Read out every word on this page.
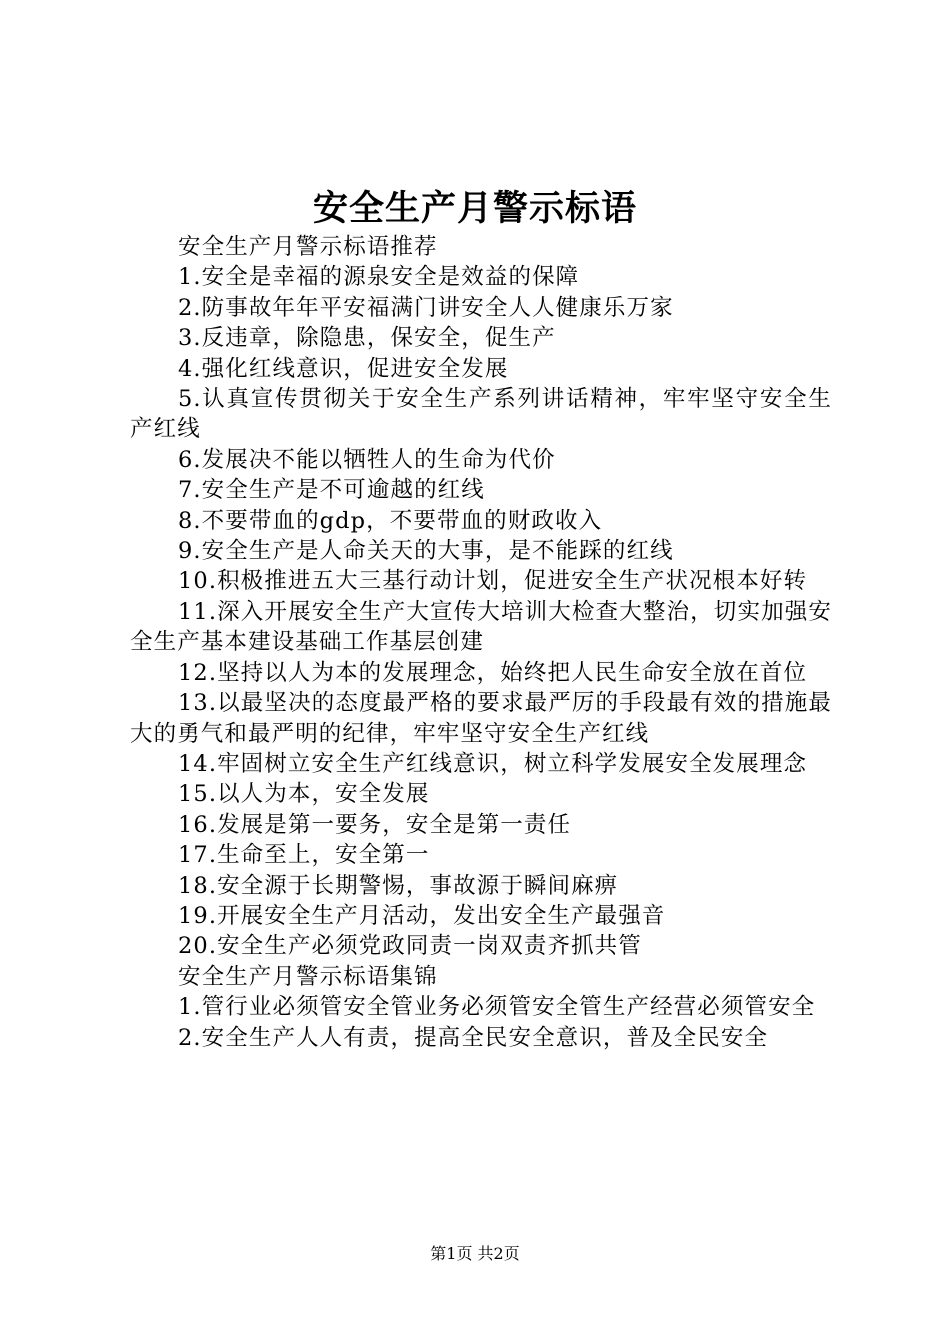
安全生产月警示标语

安全生产月警示标语推荐

1.安全是幸福的源泉安全是效益的保障

2.防事故年年平安福满门讲安全人人健康乐万家

3.反违章，除隐患，保安全，促生产

4.强化红线意识，促进安全发展

5.认真宣传贯彻关于安全生产系列讲话精神，牢牢坚守安全生产红线

6.发展决不能以牺牲人的生命为代价

7.安全生产是不可逾越的红线

8.不要带血的gdp，不要带血的财政收入

9.安全生产是人命关天的大事，是不能踩的红线

10.积极推进五大三基行动计划，促进安全生产状况根本好转

11.深入开展安全生产大宣传大培训大检查大整治，切实加强安全生产基本建设基础工作基层创建

12.坚持以人为本的发展理念，始终把人民生命安全放在首位

13.以最坚决的态度最严格的要求最严厉的手段最有效的措施最大的勇气和最严明的纪律，牢牢坚守安全生产红线

14.牢固树立安全生产红线意识，树立科学发展安全发展理念

15.以人为本，安全发展

16.发展是第一要务，安全是第一责任

17.生命至上，安全第一

18.安全源于长期警惕，事故源于瞬间麻痹

19.开展安全生产月活动，发出安全生产最强音

20.安全生产必须党政同责一岗双责齐抓共管

安全生产月警示标语集锦

1.管行业必须管安全管业务必须管安全管生产经营必须管安全

2.安全生产人人有责，提高全民安全意识，普及全民安全

第1页 共2页
